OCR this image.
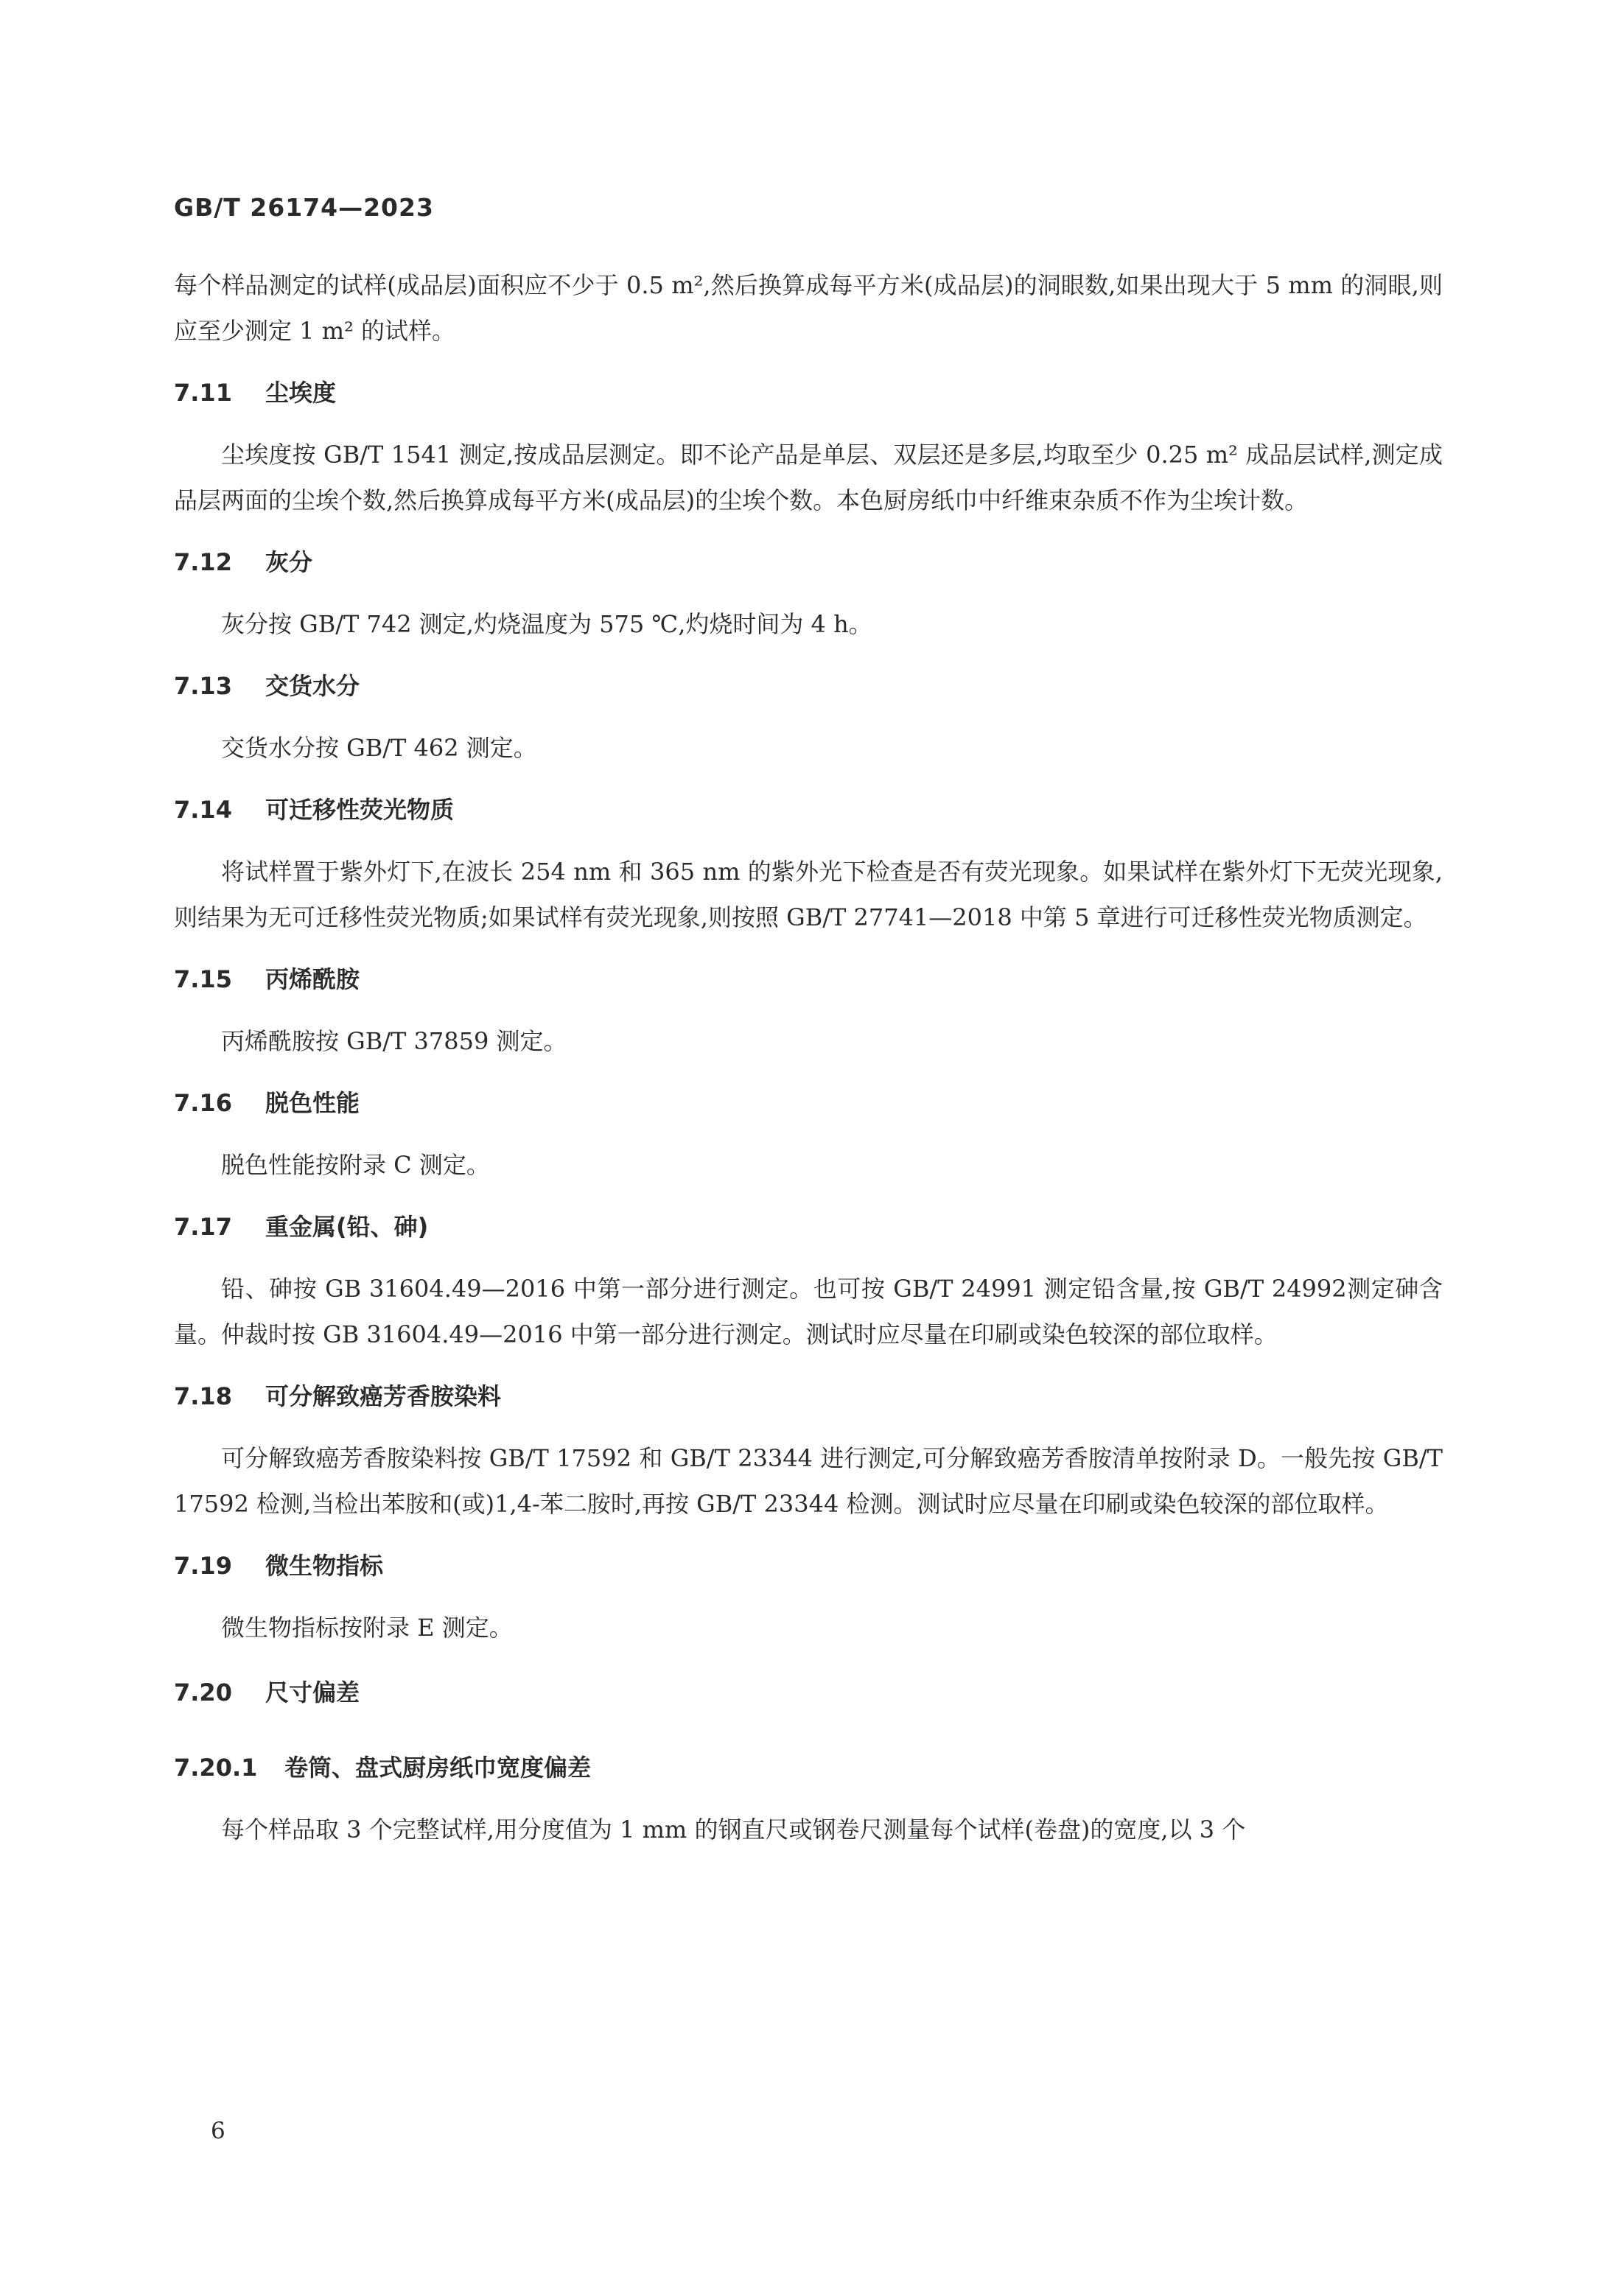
GB/T 26174—2023

每个样品测定的试样(成品层)面积应不少于 0.5 m²,然后换算成每平方米(成品层)的洞眼数,如果出现大于 5 mm 的洞眼,则应至少测定 1 m² 的试样。

7.11 尘埃度

尘埃度按 GB/T 1541 测定,按成品层测定。即不论产品是单层、双层还是多层,均取至少 0.25 m² 成品层试样,测定成品层两面的尘埃个数,然后换算成每平方米(成品层)的尘埃个数。本色厨房纸巾中纤维束杂质不作为尘埃计数。

7.12 灰分

灰分按 GB/T 742 测定,灼烧温度为 575 ℃,灼烧时间为 4 h。

7.13 交货水分

交货水分按 GB/T 462 测定。

7.14 可迁移性荧光物质

将试样置于紫外灯下,在波长 254 nm 和 365 nm 的紫外光下检查是否有荧光现象。如果试样在紫外灯下无荧光现象,则结果为无可迁移性荧光物质;如果试样有荧光现象,则按照 GB/T 27741—2018 中第 5 章进行可迁移性荧光物质测定。

7.15 丙烯酰胺

丙烯酰胺按 GB/T 37859 测定。

7.16 脱色性能

脱色性能按附录 C 测定。

7.17 重金属(铅、砷)

铅、砷按 GB 31604.49—2016 中第一部分进行测定。也可按 GB/T 24991 测定铅含量,按 GB/T 24992测定砷含量。仲裁时按 GB 31604.49—2016 中第一部分进行测定。测试时应尽量在印刷或染色较深的部位取样。

7.18 可分解致癌芳香胺染料

可分解致癌芳香胺染料按 GB/T 17592 和 GB/T 23344 进行测定,可分解致癌芳香胺清单按附录 D。一般先按 GB/T 17592 检测,当检出苯胺和(或)1,4-苯二胺时,再按 GB/T 23344 检测。测试时应尽量在印刷或染色较深的部位取样。

7.19 微生物指标

微生物指标按附录 E 测定。

7.20 尺寸偏差
7.20.1 卷筒、盘式厨房纸巾宽度偏差

每个样品取 3 个完整试样,用分度值为 1 mm 的钢直尺或钢卷尺测量每个试样(卷盘)的宽度,以 3 个

6
